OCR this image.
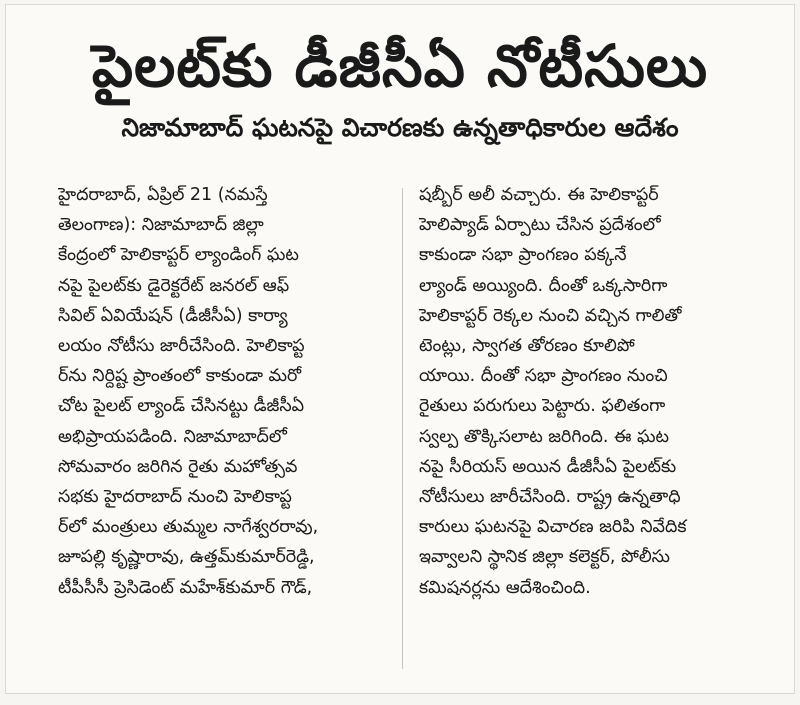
పైలట్‌కు డీజీసీఏ నోటీసులు
నిజామాబాద్ ఘటనపై విచారణకు ఉన్నతాధికారుల ఆదేశం
హైదరాబాద్, ఏప్రిల్ 21 (నమస్తే
తెలంగాణ): నిజామాబాద్ జిల్లా
కేంద్రంలో హెలికాప్టర్ ల్యాండింగ్ ఘట
నపై పైలట్‌కు డైరెక్టరేట్ జనరల్ ఆఫ్
సివిల్ ఏవియేషన్ (డీజీసీఏ) కార్యా
లయం నోటీసు జారీచేసింది. హెలికాప్ట
ర్‌ను నిర్దిష్ట ప్రాంతంలో కాకుండా మరో
చోట పైలట్ ల్యాండ్ చేసినట్టు డీజీసీఏ
అభిప్రాయపడింది. నిజామాబాద్‌లో
సోమవారం జరిగిన రైతు మహోత్సవ
సభకు హైదరాబాద్ నుంచి హెలికాప్ట
ర్‌లో మంత్రులు తుమ్మల నాగేశ్వరరావు,
జూపల్లి కృష్ణారావు, ఉత్తమ్‌కుమార్‌రెడ్డి,
టీపీసీసీ ప్రెసిడెంట్ మహేశ్‌కుమార్ గౌడ్,
షబ్బీర్ అలీ వచ్చారు. ఈ హెలికాప్టర్
హెలిప్యాడ్ ఏర్పాటు చేసిన ప్రదేశంలో
కాకుండా సభా ప్రాంగణం పక్కనే
ల్యాండ్ అయ్యింది. దీంతో ఒక్కసారిగా
హెలికాప్టర్ రెక్కల నుంచి వచ్చిన గాలితో
టెంట్లు, స్వాగత తోరణం కూలిపో
యాయి. దీంతో సభా ప్రాంగణం నుంచి
రైతులు పరుగులు పెట్టారు. ఫలితంగా
స్వల్ప తొక్కిసలాట జరిగింది. ఈ ఘట
నపై సీరియస్ అయిన డీజీసీఏ పైలట్‌కు
నోటీసులు జారీచేసింది. రాష్ట్ర ఉన్నతాధి
కారులు ఘటనపై విచారణ జరిపి నివేదిక
ఇవ్వాలని స్థానిక జిల్లా కలెక్టర్, పోలీసు
కమిషనర్లను ఆదేశించింది.
